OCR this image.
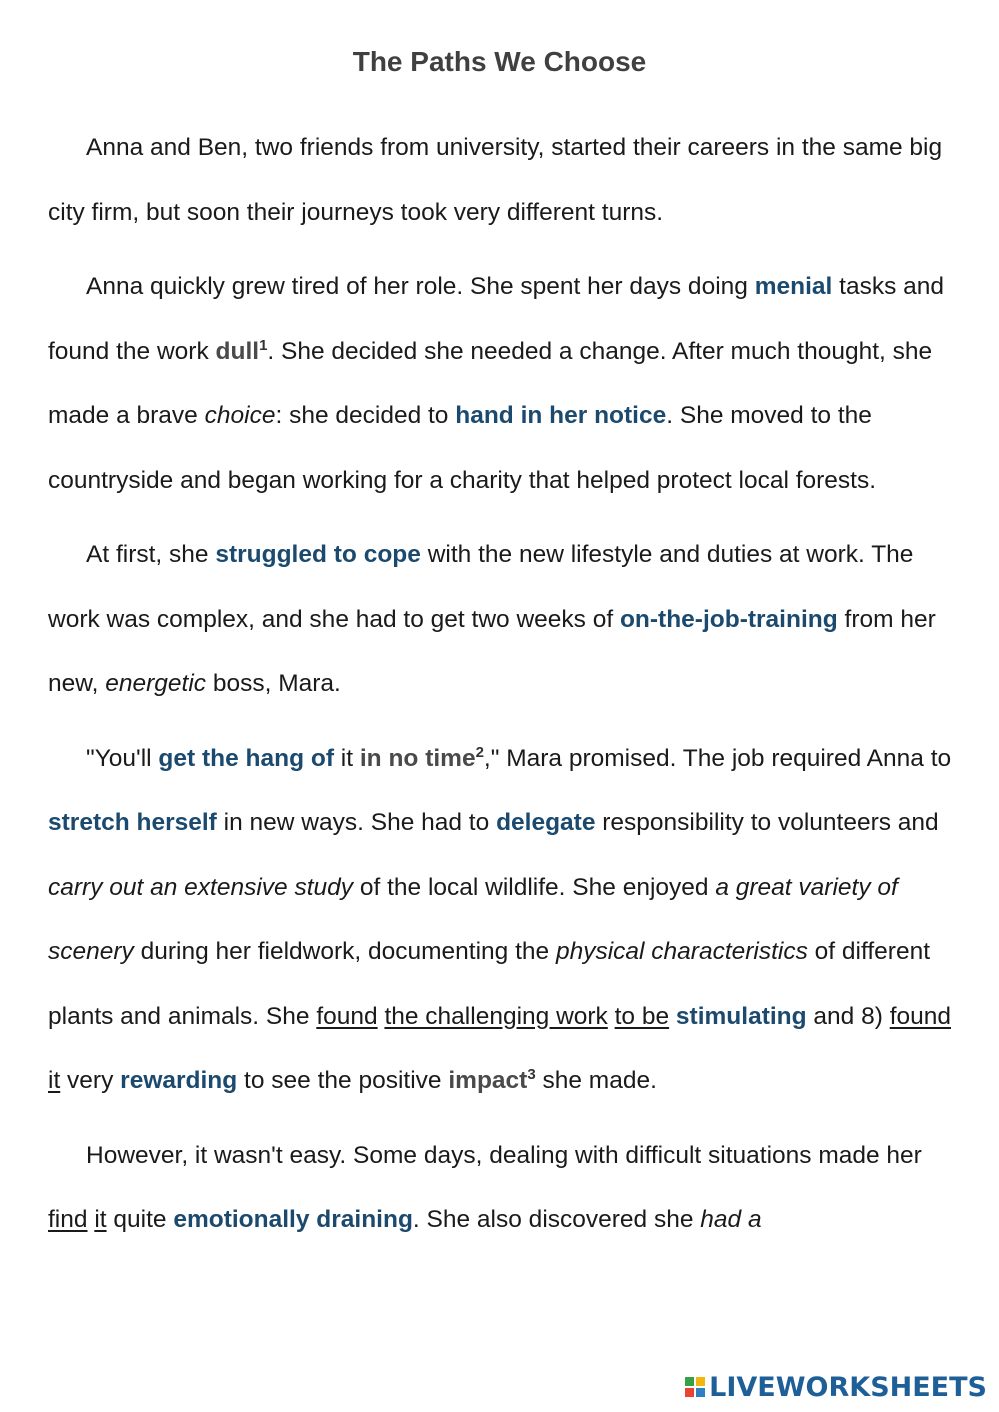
The Paths We Choose

Anna and Ben, two friends from university, started their careers in the same big city firm, but soon their journeys took very different turns.

Anna quickly grew tired of her role. She spent her days doing menial tasks and found the work dull$^1$. She decided she needed a change. After much thought, she made a brave choice: she decided to hand in her notice. She moved to the countryside and began working for a charity that helped protect local forests.

At first, she struggled to cope with the new lifestyle and duties at work. The work was complex, and she had to get two weeks of on-the-job-training from her new, energetic boss, Mara.

"You'll get the hang of it in no time$^2$," Mara promised. The job required Anna to stretch herself in new ways. She had to delegate responsibility to volunteers and carry out an extensive study of the local wildlife. She enjoyed a great variety of scenery during her fieldwork, documenting the physical characteristics of different plants and animals. She found the challenging work to be stimulating and 8) found it very rewarding to see the positive impact$^3$ she made.

However, it wasn't easy. Some days, dealing with difficult situations made her find it quite emotionally draining. She also discovered she had a

LIVEWORKSHEETS
